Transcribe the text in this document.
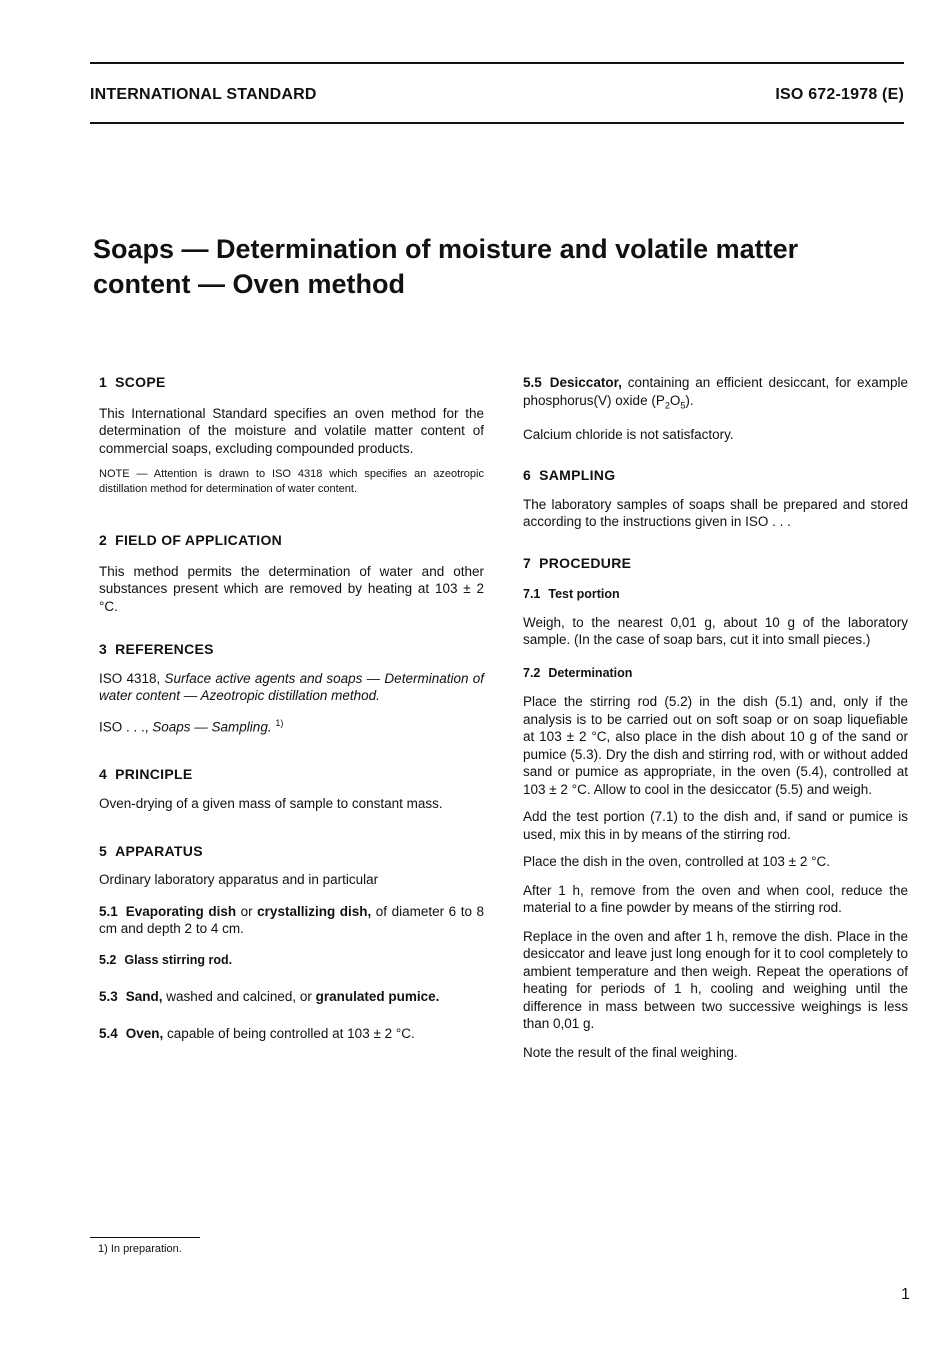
INTERNATIONAL STANDARD	ISO 672-1978 (E)
Soaps — Determination of moisture and volatile matter
content — Oven method

1 SCOPE

This International Standard specifies an oven method for the determination of the moisture and volatile matter content of commercial soaps, excluding compounded products.

NOTE — Attention is drawn to ISO 4318 which specifies an azeotropic distillation method for determination of water content.

2 FIELD OF APPLICATION

This method permits the determination of water and other substances present which are removed by heating at 103 ± 2 °C.

3 REFERENCES

ISO 4318, Surface active agents and soaps — Determination of water content — Azeotropic distillation method.

ISO . . ., Soaps — Sampling. $^{1)}$

4 PRINCIPLE

Oven-drying of a given mass of sample to constant mass.

5 APPARATUS

Ordinary laboratory apparatus and in particular

5.1 Evaporating dish or crystallizing dish, of diameter 6 to 8 cm and depth 2 to 4 cm.

5.2 Glass stirring rod.

5.3 Sand, washed and calcined, or granulated pumice.

5.4 Oven, capable of being controlled at 103 ± 2 °C.

5.5 Desiccator, containing an efficient desiccant, for example phosphorus(V) oxide $(P_2O_5)$.

Calcium chloride is not satisfactory.

6 SAMPLING

The laboratory samples of soaps shall be prepared and stored according to the instructions given in ISO . . .

7 PROCEDURE

7.1 Test portion

Weigh, to the nearest 0,01 g, about 10 g of the laboratory sample. (In the case of soap bars, cut it into small pieces.)

7.2 Determination

Place the stirring rod (5.2) in the dish (5.1) and, only if the analysis is to be carried out on soft soap or on soap liquefiable at 103 ± 2 °C, also place in the dish about 10 g of the sand or pumice (5.3). Dry the dish and stirring rod, with or without added sand or pumice as appropriate, in the oven (5.4), controlled at 103 ± 2 °C. Allow to cool in the desiccator (5.5) and weigh.

Add the test portion (7.1) to the dish and, if sand or pumice is used, mix this in by means of the stirring rod.

Place the dish in the oven, controlled at 103 ± 2 °C.

After 1 h, remove from the oven and when cool, reduce the material to a fine powder by means of the stirring rod.

Replace in the oven and after 1 h, remove the dish. Place in the desiccator and leave just long enough for it to cool completely to ambient temperature and then weigh. Repeat the operations of heating for periods of 1 h, cooling and weighing until the difference in mass between two successive weighings is less than 0,01 g.

Note the result of the final weighing.

1) In preparation.
1
